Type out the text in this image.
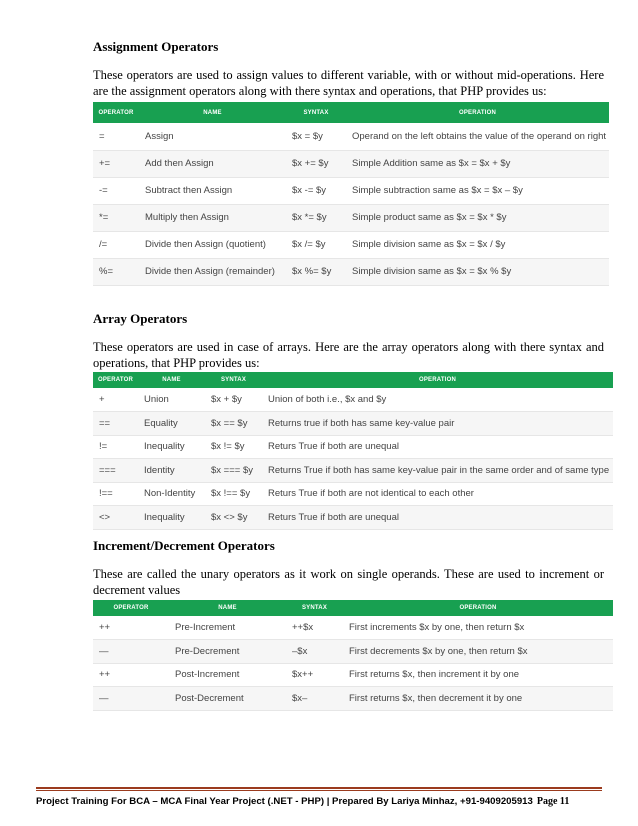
Assignment Operators
These operators are used to assign values to different variable, with or without mid-operations. Here are the assignment operators along with there syntax and operations, that PHP provides us:
OPERATOR	NAME	SYNTAX	OPERATION
=	Assign	$x = $y	Operand on the left obtains the value of the operand on right
+=	Add then Assign	$x += $y	Simple Addition same as $x = $x + $y
-=	Subtract then Assign	$x -= $y	Simple subtraction same as $x = $x – $y
*=	Multiply then Assign	$x *= $y	Simple product same as $x = $x * $y
/=	Divide then Assign (quotient)	$x /= $y	Simple division same as $x = $x / $y
%=	Divide then Assign (remainder)	$x %= $y	Simple division same as $x = $x % $y
Array Operators
These operators are used in case of arrays. Here are the array operators along with there syntax and operations, that PHP provides us:
OPERATOR	NAME	SYNTAX	OPERATION
+	Union	$x + $y	Union of both i.e., $x and $y
==	Equality	$x == $y	Returns true if both has same key-value pair
!=	Inequality	$x != $y	Returs True if both are unequal
===	Identity	$x === $y	Returns True if both has same key-value pair in the same order and of same type
!==	Non-Identity	$x !== $y	Returs True if both are not identical to each other
<>	Inequality	$x <> $y	Returs True if both are unequal
Increment/Decrement Operators
These are called the unary operators as it work on single operands. These are used to increment or decrement values
OPERATOR	NAME	SYNTAX	OPERATION
++	Pre-Increment	++$x	First increments $x by one, then return $x
—	Pre-Decrement	–$x	First decrements $x by one, then return $x
++	Post-Increment	$x++	First returns $x, then increment it by one
—	Post-Decrement	$x–	First returns $x, then decrement it by one
Project Training For BCA – MCA Final Year Project (.NET - PHP) | Prepared By Lariya Minhaz, +91-9409205913 Page 11
